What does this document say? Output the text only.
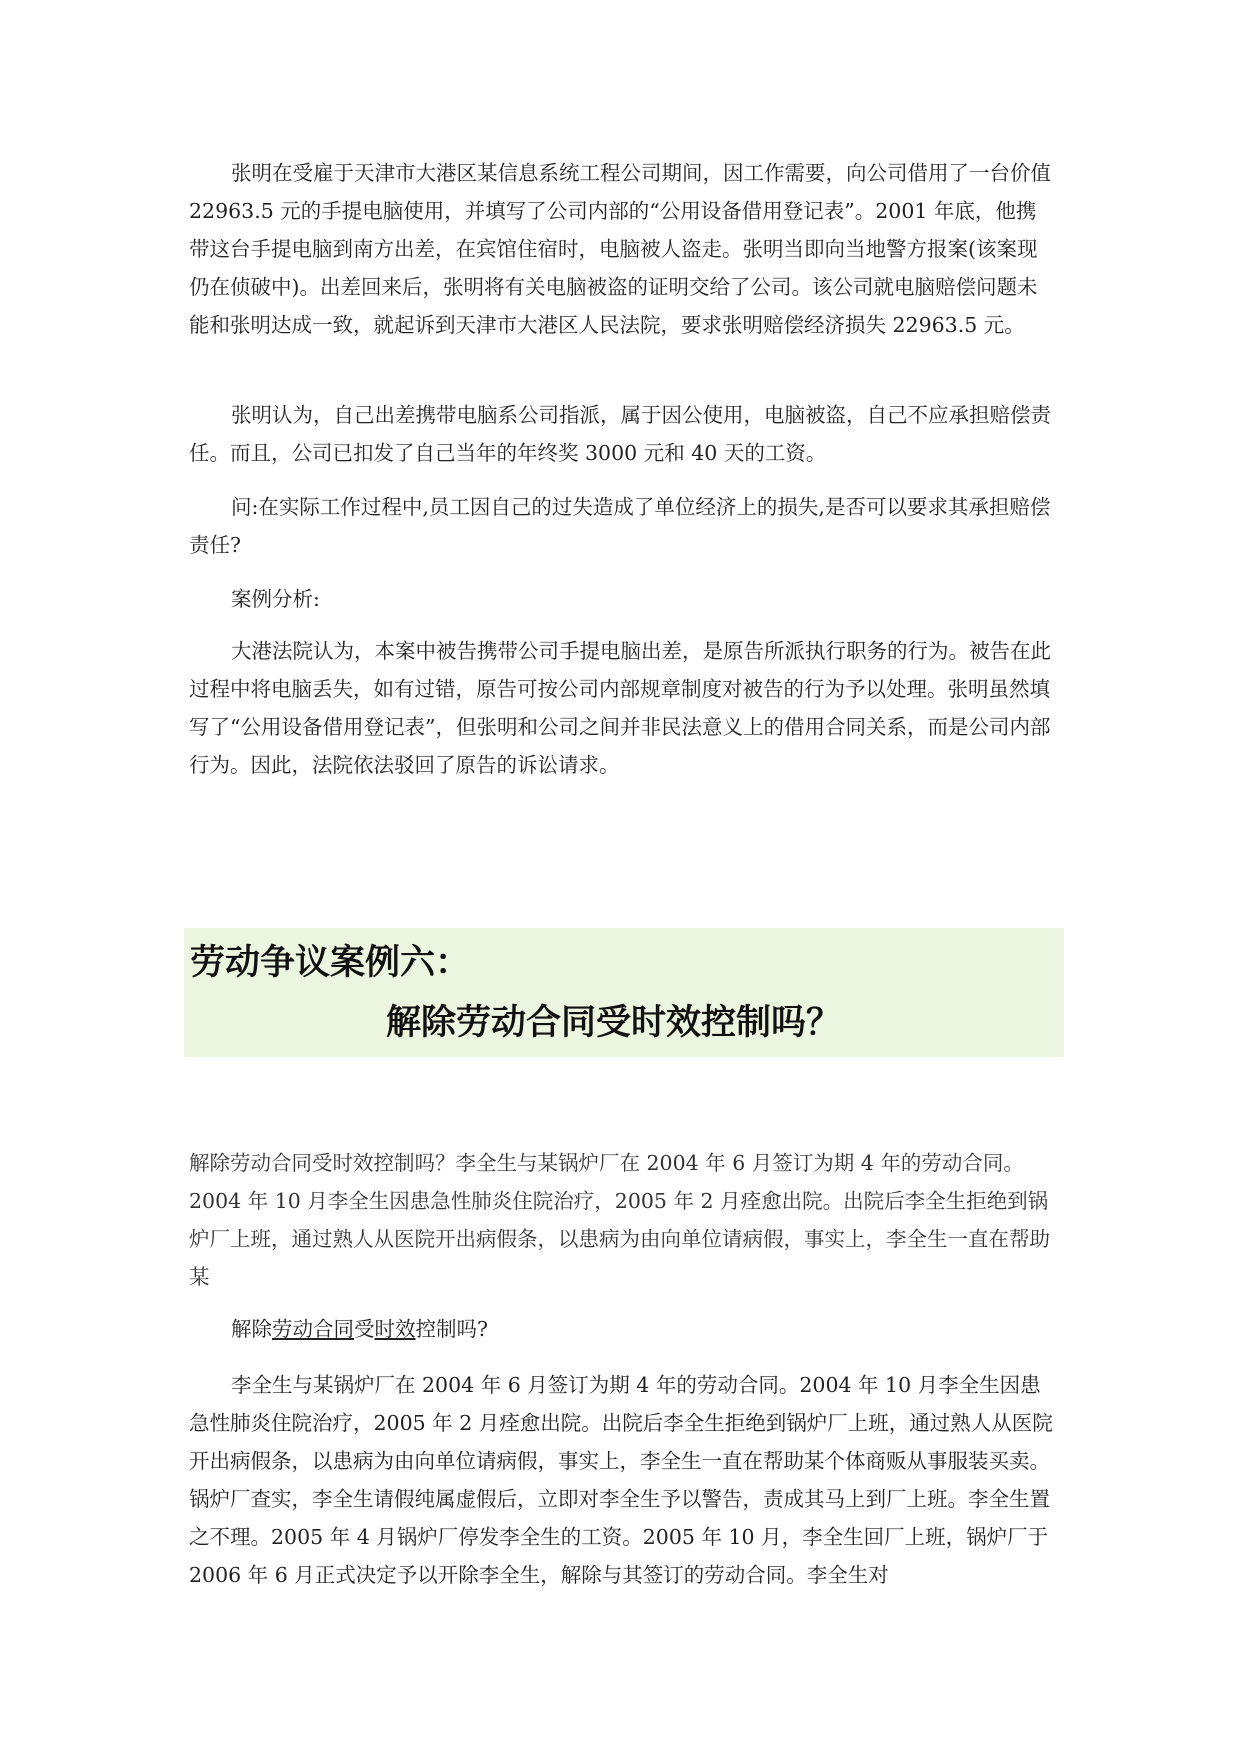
张明在受雇于天津市大港区某信息系统工程公司期间，因工作需要，向公司借用了一台价值 22963.5 元的手提电脑使用，并填写了公司内部的“公用设备借用登记表”。2001 年底，他携带这台手提电脑到南方出差，在宾馆住宿时，电脑被人盗走。张明当即向当地警方报案(该案现仍在侦破中)。出差回来后，张明将有关电脑被盗的证明交给了公司。该公司就电脑赔偿问题未能和张明达成一致，就起诉到天津市大港区人民法院，要求张明赔偿经济损失 22963.5 元。

张明认为，自己出差携带电脑系公司指派，属于因公使用，电脑被盗，自己不应承担赔偿责任。而且，公司已扣发了自己当年的年终奖 3000 元和 40 天的工资。

问:在实际工作过程中,员工因自己的过失造成了单位经济上的损失,是否可以要求其承担赔偿责任?

案例分析:

大港法院认为，本案中被告携带公司手提电脑出差，是原告所派执行职务的行为。被告在此过程中将电脑丢失，如有过错，原告可按公司内部规章制度对被告的行为予以处理。张明虽然填写了“公用设备借用登记表”，但张明和公司之间并非民法意义上的借用合同关系，而是公司内部行为。因此，法院依法驳回了原告的诉讼请求。

劳动争议案例六：
解除劳动合同受时效控制吗？

解除劳动合同受时效控制吗？李全生与某锅炉厂在 2004 年 6 月签订为期 4 年的劳动合同。2004 年 10 月李全生因患急性肺炎住院治疗，2005 年 2 月痊愈出院。出院后李全生拒绝到锅炉厂上班，通过熟人从医院开出病假条，以患病为由向单位请病假，事实上，李全生一直在帮助某

解除劳动合同受时效控制吗?

李全生与某锅炉厂在 2004 年 6 月签订为期 4 年的劳动合同。2004 年 10 月李全生因患急性肺炎住院治疗，2005 年 2 月痊愈出院。出院后李全生拒绝到锅炉厂上班，通过熟人从医院开出病假条，以患病为由向单位请病假，事实上，李全生一直在帮助某个体商贩从事服装买卖。锅炉厂查实，李全生请假纯属虚假后，立即对李全生予以警告，责成其马上到厂上班。李全生置之不理。2005 年 4 月锅炉厂停发李全生的工资。2005 年 10 月，李全生回厂上班，锅炉厂于 2006 年 6 月正式决定予以开除李全生，解除与其签订的劳动合同。李全生对
